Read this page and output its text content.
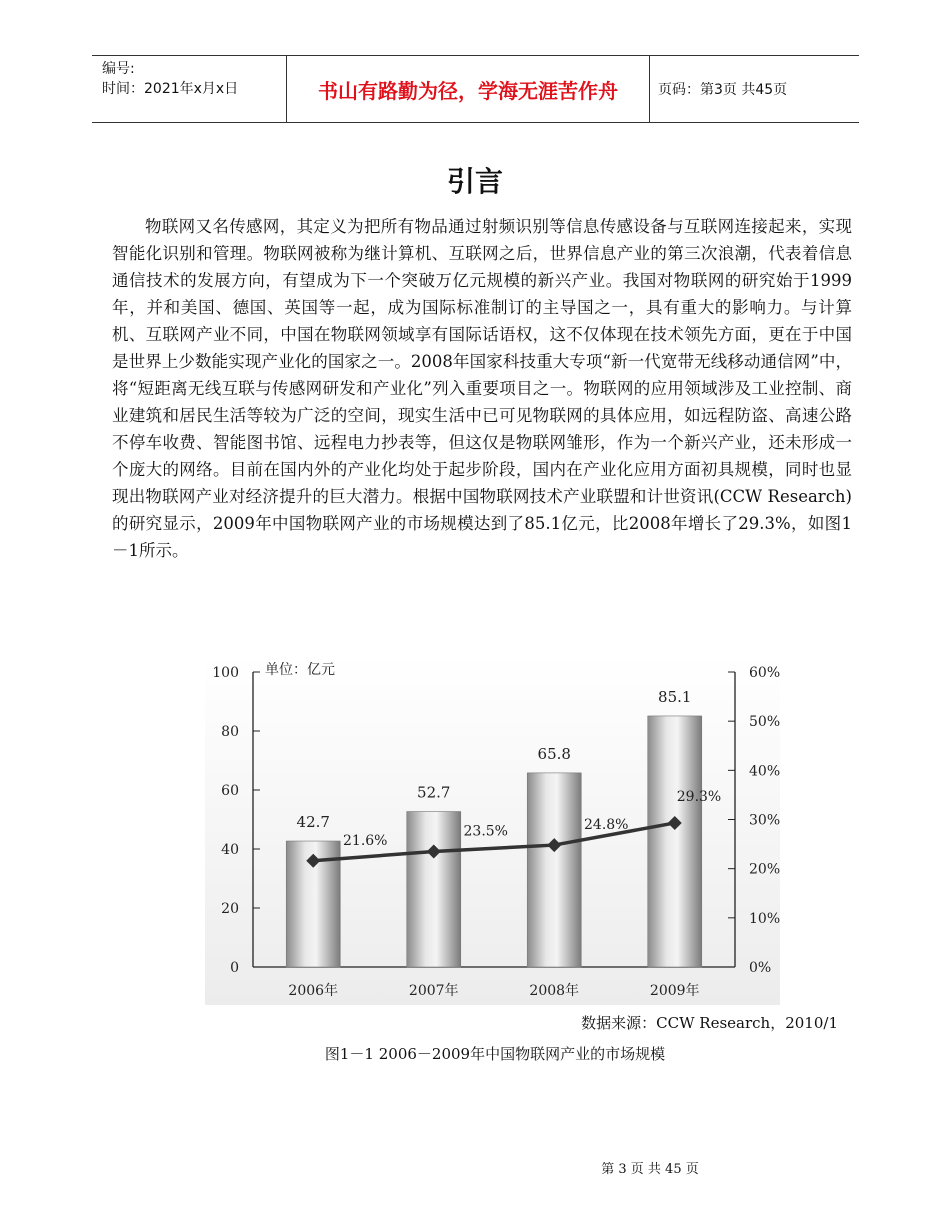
编号:
时间：2021年x月x日	书山有路勤为径，学海无涯苦作舟	页码：第3页 共45页
引言

物联网又名传感网，其定义为把所有物品通过射频识别等信息传感设备与互联网连接起来，实现智能化识别和管理。物联网被称为继计算机、互联网之后，世界信息产业的第三次浪潮，代表着信息通信技术的发展方向，有望成为下一个突破万亿元规模的新兴产业。我国对物联网的研究始于1999年，并和美国、德国、英国等一起，成为国际标准制订的主导国之一，具有重大的影响力。与计算机、互联网产业不同，中国在物联网领域享有国际话语权，这不仅体现在技术领先方面，更在于中国是世界上少数能实现产业化的国家之一。2008年国家科技重大专项“新一代宽带无线移动通信网”中，将“短距离无线互联与传感网研发和产业化”列入重要项目之一。物联网的应用领域涉及工业控制、商业建筑和居民生活等较为广泛的空间，现实生活中已可见物联网的具体应用，如远程防盗、高速公路不停车收费、智能图书馆、远程电力抄表等，但这仅是物联网雏形，作为一个新兴产业，还未形成一个庞大的网络。目前在国内外的产业化均处于起步阶段，国内在产业化应用方面初具规模，同时也显现出物联网产业对经济提升的巨大潜力。根据中国物联网技术产业联盟和计世资讯(CCW Research)的研究显示，2009年中国物联网产业的市场规模达到了85.1亿元，比2008年增长了29.3%，如图1－1所示。

0
20
40
60
80
100
0%
10%
20%
30%
40%
50%
60%
单位：亿元
42.7
2006年
52.7
2007年
65.8
2008年
85.1
2009年
21.6%
23.5%	24.8%
29.3%
数据来源：CCW Research，2010/1
图1－1 2006－2009年中国物联网产业的市场规模
第 3 页 共 45 页
